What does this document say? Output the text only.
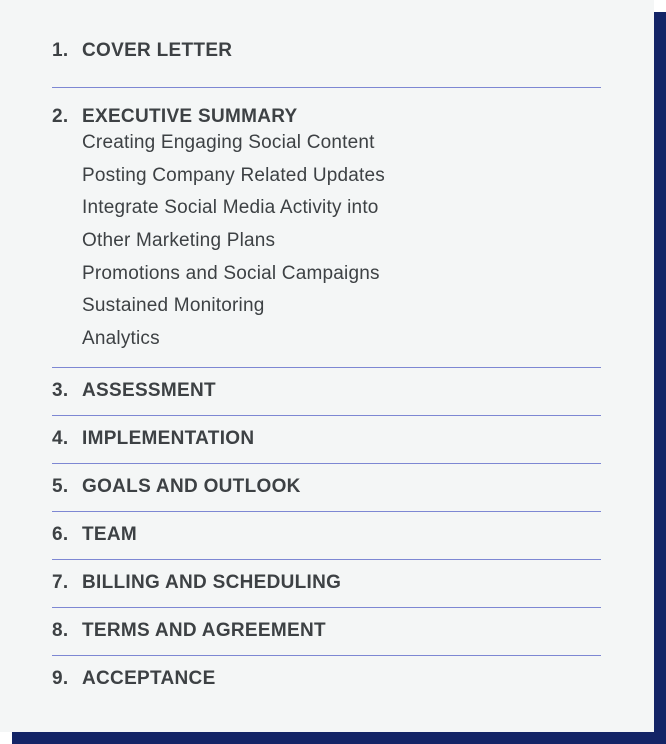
1. COVER LETTER
2. EXECUTIVE SUMMARY
Creating Engaging Social Content
Posting Company Related Updates
Integrate Social Media Activity into
Other Marketing Plans
Promotions and Social Campaigns
Sustained Monitoring
Analytics
3. ASSESSMENT
4. IMPLEMENTATION
5. GOALS AND OUTLOOK
6. TEAM
7. BILLING AND SCHEDULING
8. TERMS AND AGREEMENT
9. ACCEPTANCE
